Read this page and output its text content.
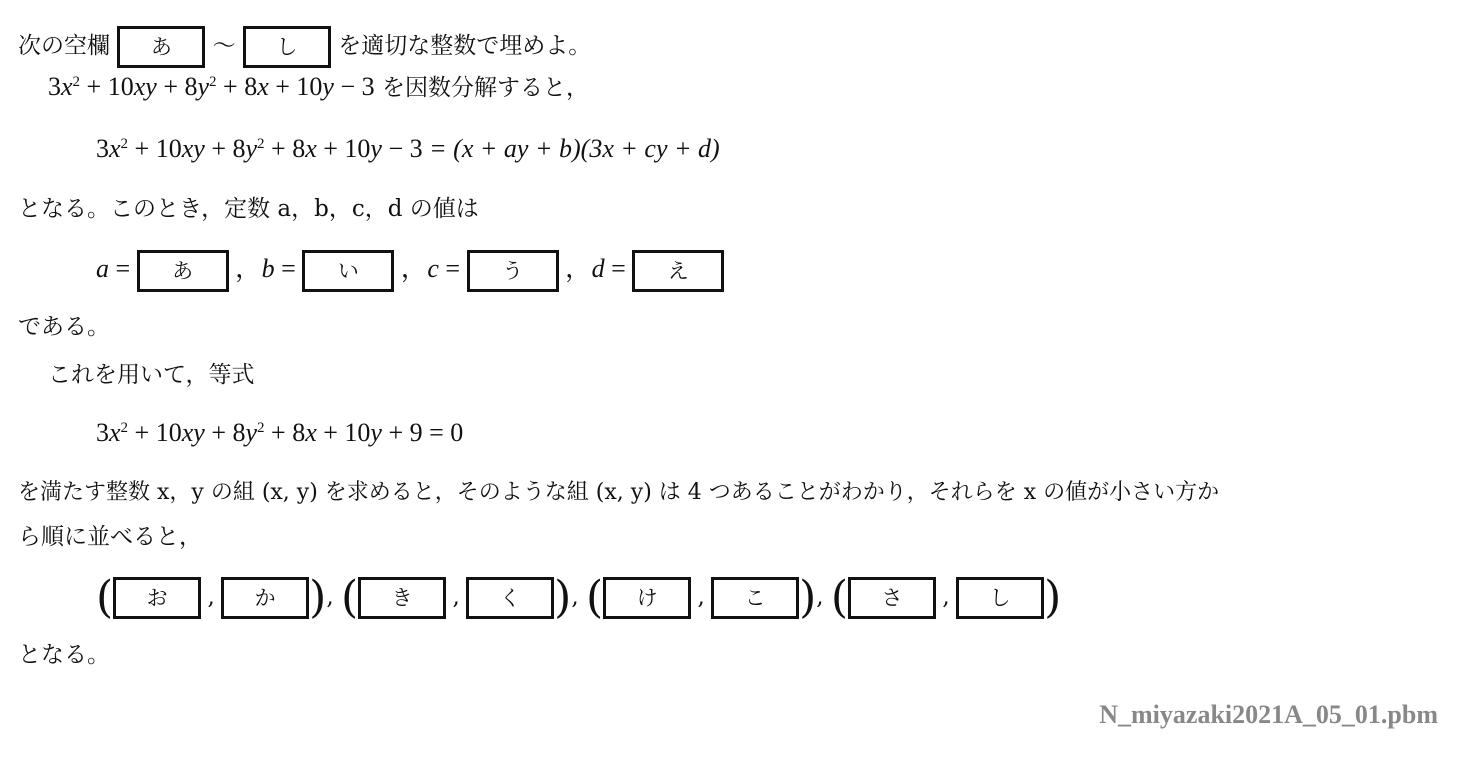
次の空欄 あ 〜 し を適切な整数で埋めよ。
$3x^2 + 10xy + 8y^2 + 8x + 10y - 3$ を因数分解すると，
$3x^2 + 10xy + 8y^2 + 8x + 10y - 3 = (x$ + ay + b)(3x + cy + d)
となる。このとき，定数 a，b，c，d の値は
a = あ ， b = い ， c = う ， d = え
である。
これを用いて，等式
$3x^2 + 10xy + 8y^2 + 8x + 10y + 9 = 0$
を満たす整数 x，y の組 (x, y) を求めると，そのような組 (x, y) は 4 つあることがわかり，それらを x の値が小さい方か
ら順に並べると，
( お , か ), ( き , く ), ( け , こ ), ( さ , し )
となる。
N_miyazaki2021A_05_01.pbm
